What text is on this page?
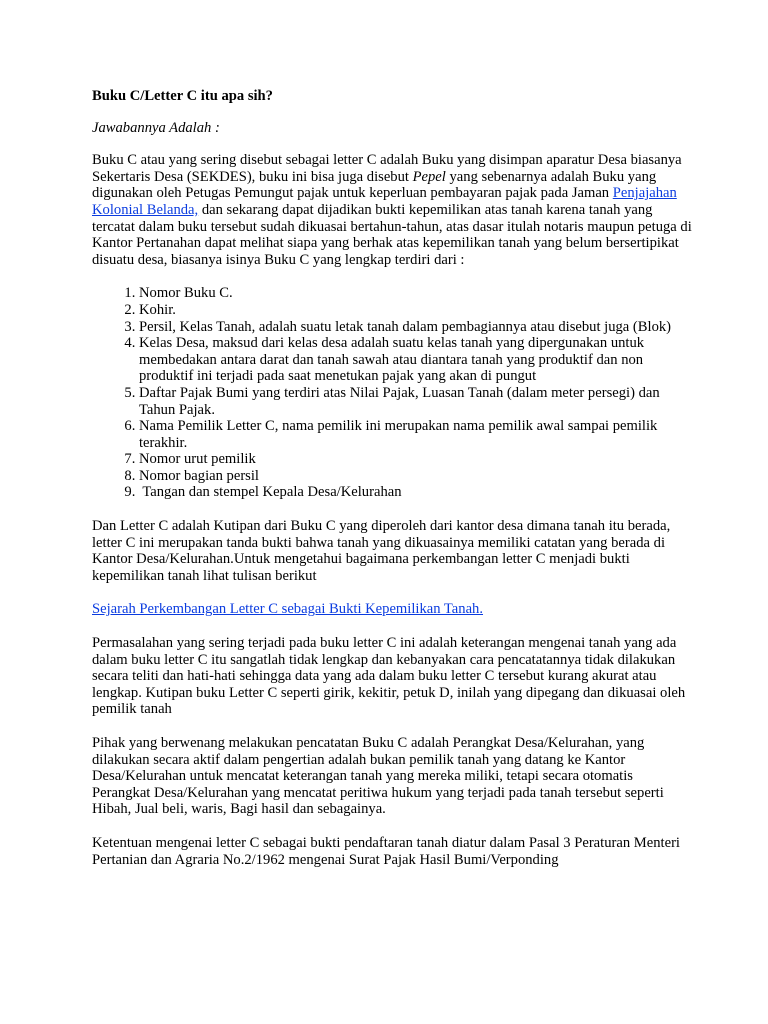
Buku C/Letter C itu apa sih?
Jawabannya Adalah :

Buku C atau yang sering disebut sebagai letter C adalah Buku yang disimpan aparatur Desa biasanya Sekertaris Desa (SEKDES), buku ini bisa juga disebut Pepel yang sebenarnya adalah Buku yang digunakan oleh Petugas Pemungut pajak untuk keperluan pembayaran pajak pada Jaman Penjajahan Kolonial Belanda, dan sekarang dapat dijadikan bukti kepemilikan atas tanah karena tanah yang tercatat dalam buku tersebut sudah dikuasai bertahun-tahun, atas dasar itulah notaris maupun petuga di Kantor Pertanahan dapat melihat siapa yang berhak atas kepemilikan tanah yang belum bersertipikat disuatu desa, biasanya isinya Buku C yang lengkap terdiri dari :

1. Nomor Buku C.
2. Kohir.
3. Persil, Kelas Tanah, adalah suatu letak tanah dalam pembagiannya atau disebut juga (Blok)
4. Kelas Desa, maksud dari kelas desa adalah suatu kelas tanah yang dipergunakan untuk
membedakan antara darat dan tanah sawah atau diantara tanah yang produktif dan non produktif ini terjadi pada saat menetukan pajak yang akan di pungut
5. Daftar Pajak Bumi yang terdiri atas Nilai Pajak, Luasan Tanah (dalam meter persegi) dan Tahun Pajak.
6. Nama Pemilik Letter C, nama pemilik ini merupakan nama pemilik awal sampai pemilik terakhir.
7. Nomor urut pemilik
8. Nomor bagian persil
9.  Tangan dan stempel Kepala Desa/Kelurahan

Dan Letter C adalah Kutipan dari Buku C yang diperoleh dari kantor desa dimana tanah itu berada, letter C ini merupakan tanda bukti bahwa tanah yang dikuasainya memiliki catatan yang berada di Kantor Desa/Kelurahan.Untuk mengetahui bagaimana perkembangan letter C menjadi bukti kepemilikan tanah lihat tulisan berikut

Sejarah Perkembangan Letter C sebagai Bukti Kepemilikan Tanah.

Permasalahan yang sering terjadi pada buku letter C ini adalah keterangan mengenai tanah yang ada dalam buku letter C itu sangatlah tidak lengkap dan kebanyakan cara pencatatannya tidak dilakukan secara teliti dan hati-hati sehingga data yang ada dalam buku letter C tersebut kurang akurat atau lengkap. Kutipan buku Letter C seperti girik, kekitir, petuk D, inilah yang dipegang dan dikuasai oleh pemilik tanah

Pihak yang berwenang melakukan pencatatan Buku C adalah Perangkat Desa/Kelurahan, yang dilakukan secara aktif dalam pengertian adalah bukan pemilik tanah yang datang ke Kantor Desa/Kelurahan untuk mencatat keterangan tanah yang mereka miliki, tetapi secara otomatis Perangkat Desa/Kelurahan yang mencatat peritiwa hukum yang terjadi pada tanah tersebut seperti Hibah, Jual beli, waris, Bagi hasil dan sebagainya.

Ketentuan mengenai letter C sebagai bukti pendaftaran tanah diatur dalam Pasal 3 Peraturan Menteri Pertanian dan Agraria No.2/1962 mengenai Surat Pajak Hasil Bumi/Verponding
